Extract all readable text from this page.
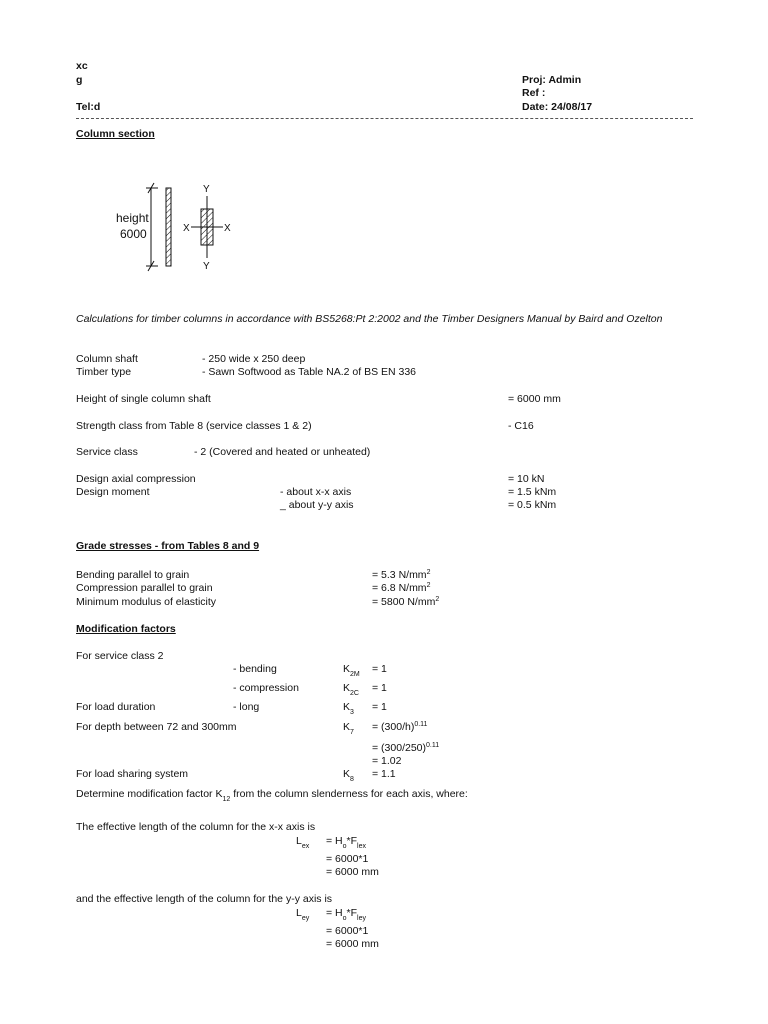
xc
g
Tel:d
Proj: Admin
Ref :
Date: 24/08/17
Column section
height
6000
Y
Y
X	X
Calculations for timber columns in accordance with BS5268:Pt 2:2002 and the Timber Designers Manual by Baird and Ozelton
Column shaft	- 250 wide x 250 deep
Timber type	- Sawn Softwood as Table NA.2 of BS EN 336
Height of single column shaft	= 6000 mm
Strength class from Table 8 (service classes 1 & 2)	- C16
Service class	- 2 (Covered and heated or unheated)
Design axial compression	= 10 kN
Design moment	- about x-x axis	= 1.5 kNm
_ about y-y axis	= 0.5 kNm
Grade stresses - from Tables 8 and 9
Bending parallel to grain	= 5.3 $N/mm^2$
Compression parallel to grain	= 6.8 $N/mm^2$
Minimum modulus of elasticity	= 5800 $N/mm^2$
Modification factors
For service class 2
- bending	$K_{2M} = 1$
- compression	$K_{2C} = 1$
For load duration	- long	$K_3 = 1$
For depth between 72 and 300mm	$K_7 = (300/h)^{0.11}$
= $(300/250)^{0.11}$
= 1.02
For load sharing system	$K_8 = 1.1$
Determine modification factor $K_{12}$ from the column slenderness for each axis, where:
The effective length of the column for the x-x axis is
$L_{ex} = H_o*F_{lex}$
= 6000*1
= 6000 mm
and the effective length of the column for the y-y axis is
$L_{ey} = H_o*F_{ley}$
= 6000*1
= 6000 mm
